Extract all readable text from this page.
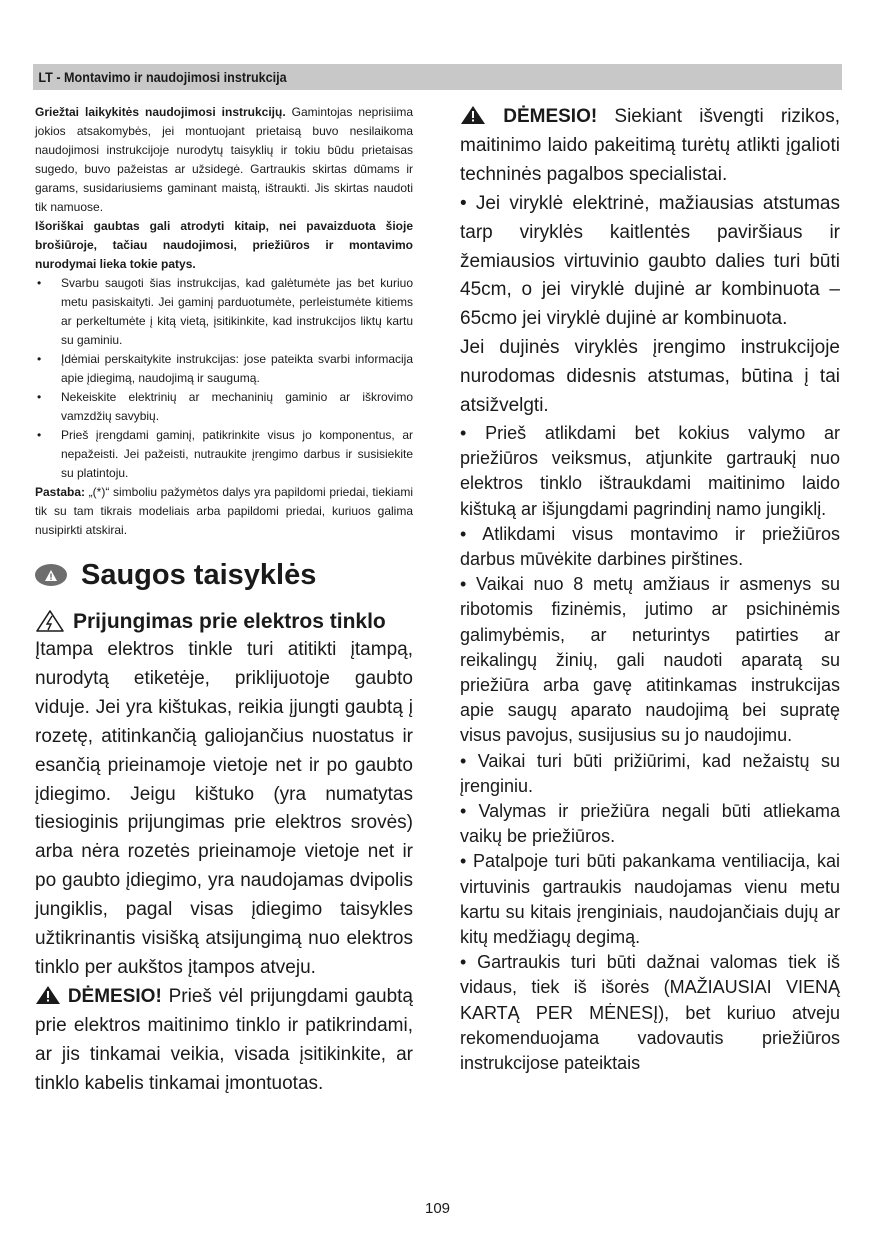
LT - Montavimo ir naudojimosi instrukcija

Griežtai laikykitės naudojimosi instrukcijų. Gamintojas neprisiima jokios atsakomybės, jei montuojant prietaisą buvo nesilaikoma naudojimosi instrukcijoje nurodytų taisyklių ir tokiu būdu prietaisas sugedo, buvo pažeistas ar užsidegė. Gartraukis skirtas dūmams ir garams, susidariusiems gaminant maistą, ištraukti. Jis skirtas naudoti tik namuose.

Išoriškai gaubtas gali atrodyti kitaip, nei pavaizduota šioje brošiūroje, tačiau naudojimosi, priežiūros ir montavimo nurodymai lieka tokie patys.

• Svarbu saugoti šias instrukcijas, kad galėtumėte jas bet kuriuo metu pasiskaityti. Jei gaminį parduotumėte, perleistumėte kitiems ar perkeltumėte į kitą vietą, įsitikinkite, kad instrukcijos liktų kartu su gaminiu.
• Įdėmiai perskaitykite instrukcijas: jose pateikta svarbi informacija apie įdiegimą, naudojimą ir saugumą.
• Nekeiskite elektrinių ar mechaninių gaminio ar iškrovimo vamzdžių savybių.
• Prieš įrengdami gaminį, patikrinkite visus jo komponentus, ar nepažeisti. Jei pažeisti, nutraukite įrengimo darbus ir susisiekite su platintoju.

Pastaba: „(*)“ simboliu pažymėtos dalys yra papildomi priedai, tiekiami tik su tam tikrais modeliais arba papildomi priedai, kuriuos galima nusipirkti atskirai.

Saugos taisyklės
Prijungimas prie elektros tinklo

Įtampa elektros tinkle turi atitikti įtampą, nurodytą etiketėje, priklijuotoje gaubto viduje. Jei yra kištukas, reikia įjungti gaubtą į rozetę, atitinkančią galiojančius nuostatus ir esančią prieinamoje vietoje net ir po gaubto įdiegimo. Jeigu kištuko (yra numatytas tiesioginis prijungimas prie elektros srovės) arba nėra rozetės prieinamoje vietoje net ir po gaubto įdiegimo, yra naudojamas dvipolis jungiklis, pagal visas įdiegimo taisykles užtikrinantis visišką atsijungimą nuo elektros tinklo per aukštos įtampos atveju.

DĖMESIO! Prieš vėl prijungdami gaubtą prie elektros maitinimo tinklo ir patikrindami, ar jis tinkamai veikia, visada įsitikinkite, ar tinklo kabelis tinkamai įmontuotas.

DĖMESIO! Siekiant išvengti rizikos, maitinimo laido pakeitimą turėtų atlikti įgalioti techninės pagalbos specialistai.

• Jei viryklė elektrinė, mažiausias atstumas tarp viryklės kaitlentės paviršiaus ir žemiausios virtuvinio gaubto dalies turi būti 45cm, o jei viryklė dujinė ar kombinuota – 65cmo jei viryklė dujinė ar kombinuota.

Jei dujinės viryklės įrengimo instrukcijoje nurodomas didesnis atstumas, būtina į tai atsižvelgti.

• Prieš atlikdami bet kokius valymo ar priežiūros veiksmus, atjunkite gartraukį nuo elektros tinklo ištraukdami maitinimo laido kištuką ar išjungdami pagrindinį namo jungiklį.

• Atlikdami visus montavimo ir priežiūros darbus mūvėkite darbines pirštines.

• Vaikai nuo 8 metų amžiaus ir asmenys su ribotomis fizinėmis, jutimo ar psichinėmis galimybėmis, ar neturintys patirties ar reikalingų žinių, gali naudoti aparatą su priežiūra arba gavę atitinkamas instrukcijas apie saugų aparato naudojimą bei supratę visus pavojus, susijusius su jo naudojimu.

• Vaikai turi būti prižiūrimi, kad nežaistų su įrenginiu.

• Valymas ir priežiūra negali būti atliekama vaikų be priežiūros.

• Patalpoje turi būti pakankama ventiliacija, kai virtuvinis gartraukis naudojamas vienu metu kartu su kitais įrenginiais, naudojančiais dujų ar kitų medžiagų degimą.

• Gartraukis turi būti dažnai valomas tiek iš vidaus, tiek iš išorės (MAŽIAUSIAI VIENĄ KARTĄ PER MĖNESĮ), bet kuriuo atveju rekomenduojama vadovautis priežiūros instrukcijose pateiktais

109
